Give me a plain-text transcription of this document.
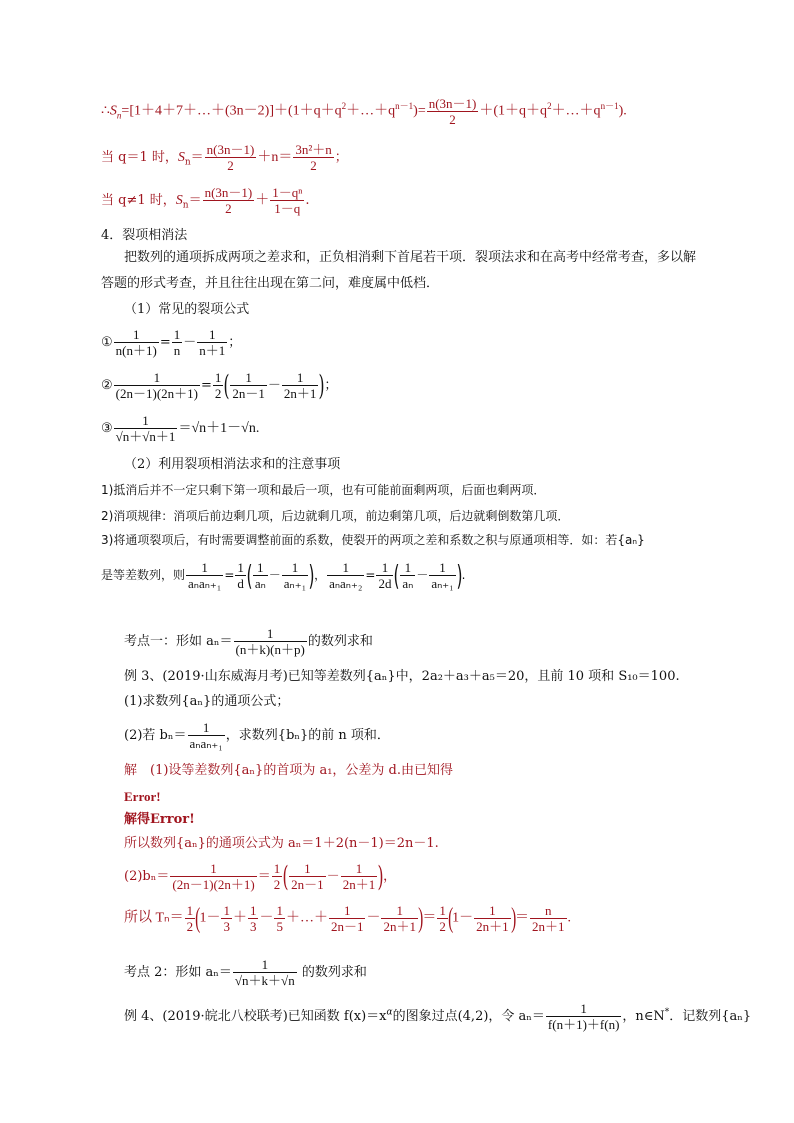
$\therefore S_n=[1+4+7+\dots+(3n-2)]+(1+q+q^2+\dots+q^{n-1})= \frac{n(3n-1)}{2}$ $+(1+q+q^2+\dots+q^{n-1})$.
当 q＝1 时，$S_n= \frac{n(3n-1)}{2} +n= \frac{\text{3n²＋n}}{2}$ ；
当 q≠1 时，$S_n= \frac{n(3n-1)}{2} + \frac{\text{1－qⁿ}}{1-q}$ .
4．裂项相消法
把数列的通项拆成两项之差求和，正负相消剩下首尾若干项．裂项法求和在高考中经常考查，多以解
答题的形式考查，并且往往出现在第二问，难度属中低档．
（1）常见的裂项公式
① $\frac{1}{n(n+1)} = \frac{1}{n} - \frac{1}{n+1}$ ；
② $\frac{1}{(2n-1)(2n+1)} = \frac{1}{2}$ ( $\frac{1}{2n-1} - \frac{1}{2n+1}$ )；
③ $\frac{1}{√n+√n+1} =√n+1-√n$.
（2）利用裂项相消法求和的注意事项
1)抵消后并不一定只剩下第一项和最后一项，也有可能前面剩两项，后面也剩两项．
2)消项规律：消项后前边剩几项，后边就剩几项，前边剩第几项，后边就剩倒数第几项．
3)将通项裂项后，有时需要调整前面的系数，使裂开的两项之差和系数之积与原通项相等．如：若{aₙ}
是等差数列，则 $\frac{1}{\text{aₙaₙ₊₁}} = \frac{1}{d}$ ( $\frac{1}{\text{aₙ}} - \frac{1}{\text{aₙ₊₁}}$ )， $\frac{1}{\text{aₙaₙ₊₂}} = \frac{1}{2d}$ ( $\frac{1}{\text{aₙ}} - \frac{1}{\text{aₙ₊₁}}$ ).
考点一：形如 $a_n= \frac{1}{(n+k)(n+p)}$ 的数列求和
例 3、(2019·山东威海月考)已知等差数列{aₙ}中，2a₂＋a₃＋a₅＝20，且前 10 项和 S₁₀＝100.
(1)求数列{aₙ}的通项公式；
(2)若 $b_n= \frac{1}{\text{aₙaₙ₊₁}}$ ，求数列{bₙ}的前 n 项和．
解　(1)设等差数列{aₙ}的首项为 a₁，公差为 d.由已知得
Error!
解得Error!
所以数列{aₙ}的通项公式为 aₙ＝1＋2(n－1)＝2n－1.
$(2)b_n= \frac{1}{(2n-1)(2n+1)} = \frac{1}{2}$ ( $\frac{1}{2n-1} - \frac{1}{2n+1}$ )，
所以 $T_n= \frac{1}{2} (1- \frac{1}{3} + \frac{1}{3} - \frac{1}{5}$ ＋…＋ $\frac{1}{2n-1} - \frac{1}{2n+1}$ )＝ $\frac{1}{2} (1- \frac{1}{2n+1}$ )＝ $\frac{n}{2n+1}$ .
考点 2：形如 $a_n= \frac{1}{√n+k+√n}$ 的数列求和
例 4、(2019·皖北八校联考)已知函数 $f(x)=x^\alpha$的图象过点(4,2)，令 $a_n= \frac{1}{f(n+1)+f(n)}$ ，n∈N*．记数列{aₙ}
